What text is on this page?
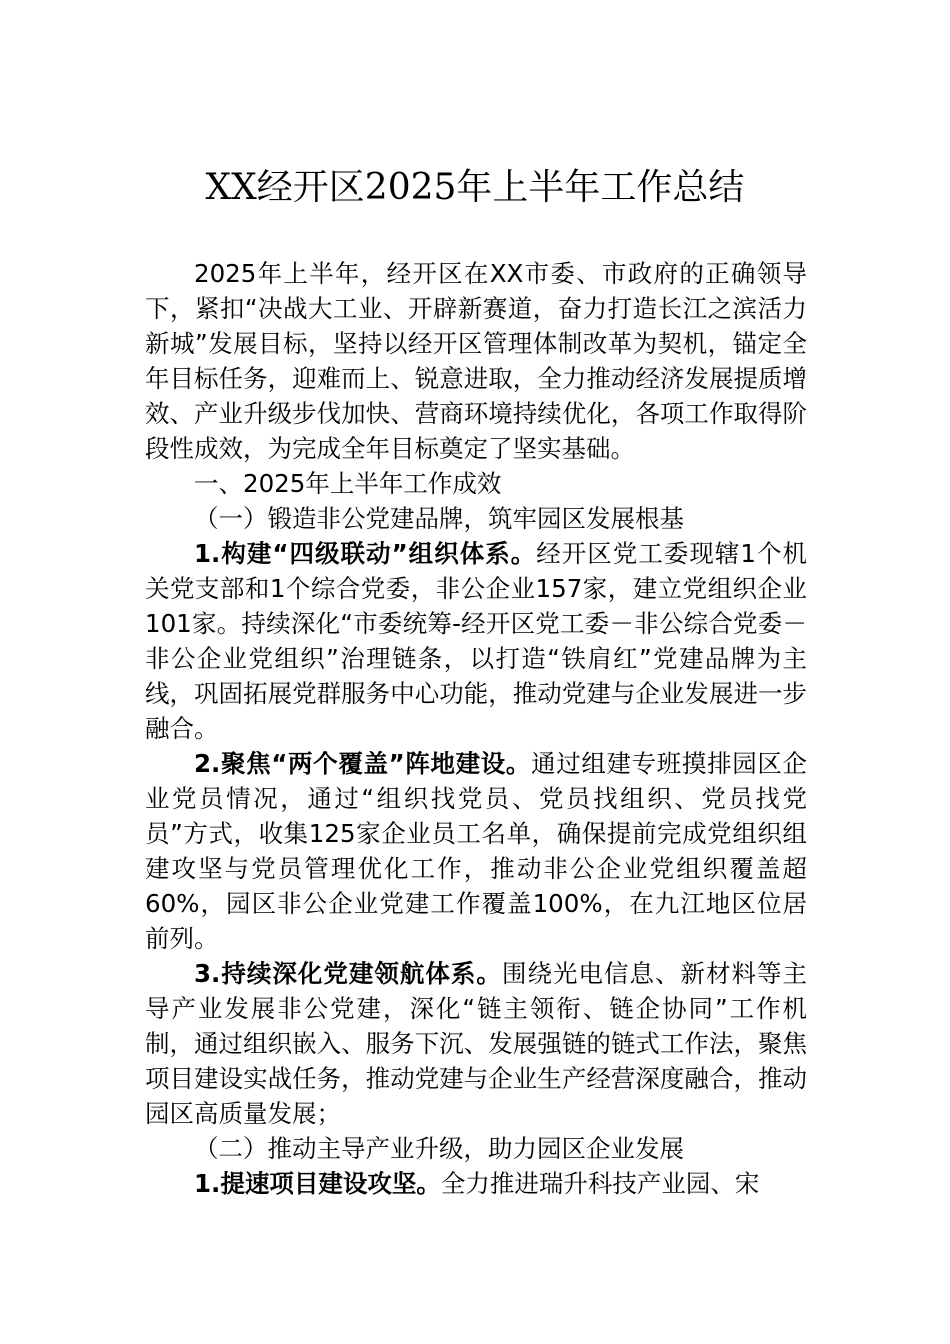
XX经开区2025年上半年工作总结

2025年上半年，经开区在XX市委、市政府的正确领导下，紧扣“决战大工业、开辟新赛道，奋力打造长江之滨活力新城”发展目标，坚持以经开区管理体制改革为契机，锚定全年目标任务，迎难而上、锐意进取，全力推动经济发展提质增效、产业升级步伐加快、营商环境持续优化，各项工作取得阶段性成效，为完成全年目标奠定了坚实基础。

一、2025年上半年工作成效

（一）锻造非公党建品牌，筑牢园区发展根基

1.构建“四级联动”组织体系。经开区党工委现辖1个机关党支部和1个综合党委，非公企业157家，建立党组织企业101家。持续深化“市委统筹-经开区党工委－非公综合党委－非公企业党组织”治理链条，以打造“铁肩红”党建品牌为主线，巩固拓展党群服务中心功能，推动党建与企业发展进一步融合。

2.聚焦“两个覆盖”阵地建设。通过组建专班摸排园区企业党员情况，通过“组织找党员、党员找组织、党员找党员”方式，收集125家企业员工名单，确保提前完成党组织组建攻坚与党员管理优化工作，推动非公企业党组织覆盖超60%，园区非公企业党建工作覆盖100%，在九江地区位居前列。

3.持续深化党建领航体系。围绕光电信息、新材料等主导产业发展非公党建，深化“链主领衔、链企协同”工作机制，通过组织嵌入、服务下沉、发展强链的链式工作法，聚焦项目建设实战任务，推动党建与企业生产经营深度融合，推动园区高质量发展；

（二）推动主导产业升级，助力园区企业发展

1.提速项目建设攻坚。全力推进瑞升科技产业园、宋
